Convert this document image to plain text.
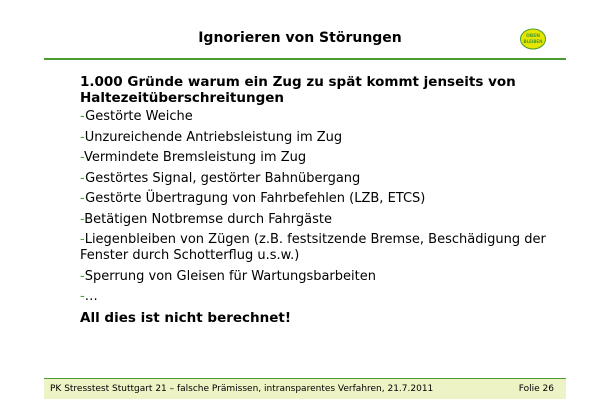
Ignorieren von Störungen	OBEN
BLEIBEN
1.000 Gründe warum ein Zug zu spät kommt jenseits von Haltezeitüberschreitungen
-Gestörte Weiche
-Unzureichende Antriebsleistung im Zug
-Vermindete Bremsleistung im Zug
-Gestörtes Signal, gestörter Bahnübergang
-Gestörte Übertragung von Fahrbefehlen (LZB, ETCS)
-Betätigen Notbremse durch Fahrgäste
-Liegenbleiben von Zügen (z.B. festsitzende Bremse, Beschädigung der Fenster durch Schotterflug u.s.w.)
-Sperrung von Gleisen für Wartungsbarbeiten
-…
All dies ist nicht berechnet!
PK Stresstest Stuttgart 21 – falsche Prämissen, intransparentes Verfahren, 21.7.2011	Folie 26
